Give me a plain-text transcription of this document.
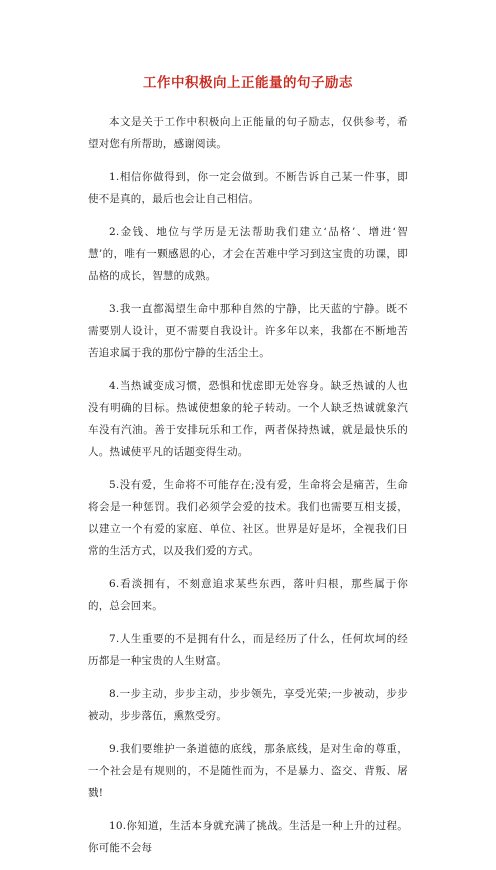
工作中积极向上正能量的句子励志

本文是关于工作中积极向上正能量的句子励志，仅供参考，希望对您有所帮助，感谢阅读。

1.相信你做得到，你一定会做到。不断告诉自己某一件事，即使不是真的，最后也会让自己相信。

2.金钱、地位与学历是无法帮助我们建立‘品格’、增进‘智慧’的，唯有一颗感恩的心，才会在苦难中学习到这宝贵的功课，即品格的成长，智慧的成熟。

3.我一直都渴望生命中那种自然的宁静，比天蓝的宁静。既不需要别人设计，更不需要自我设计。许多年以来，我都在不断地苦苦追求属于我的那份宁静的生活尘土。

4.当热诚变成习惯，恐惧和忧虑即无处容身。缺乏热诚的人也没有明确的目标。热诚使想象的轮子转动。一个人缺乏热诚就象汽车没有汽油。善于安排玩乐和工作，两者保持热诚，就是最快乐的人。热诚使平凡的话题变得生动。

5.没有爱，生命将不可能存在;没有爱，生命将会是痛苦，生命将会是一种惩罚。我们必须学会爱的技术。我们也需要互相支援，以建立一个有爱的家庭、单位、社区。世界是好是坏，全视我们日常的生活方式，以及我们爱的方式。

6.看淡拥有，不刻意追求某些东西，落叶归根，那些属于你的，总会回来。

7.人生重要的不是拥有什么，而是经历了什么，任何坎坷的经历都是一种宝贵的人生财富。

8.一步主动，步步主动，步步领先，享受光荣;一步被动，步步被动，步步落伍，熏熬受穷。

9.我们要维护一条道德的底线，那条底线，是对生命的尊重，一个社会是有规则的，不是随性而为，不是暴力、盗交、背叛、屠戮!

10.你知道，生活本身就充满了挑战。生活是一种上升的过程。你可能不会每
